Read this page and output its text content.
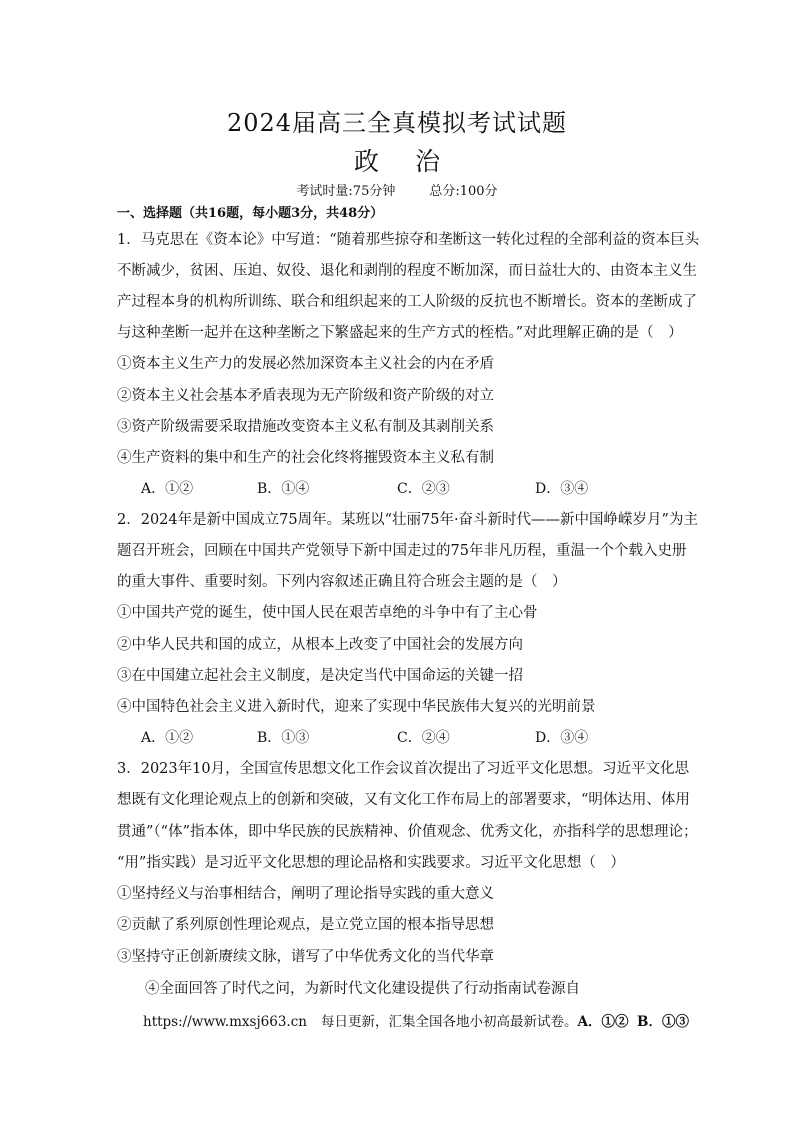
2024届高三全真模拟考试试题
政 治
考试时量:75分钟	总分:100分
一、选择题（共16题，每小题3分，共48分）
1．马克思在《资本论》中写道：“随着那些掠夺和垄断这一转化过程的全部利益的资本巨头
不断减少，贫困、压迫、奴役、退化和剥削的程度不断加深，而日益壮大的、由资本主义生
产过程本身的机构所训练、联合和组织起来的工人阶级的反抗也不断增长。资本的垄断成了
与这种垄断一起并在这种垄断之下繁盛起来的生产方式的桎梏。”对此理解正确的是（　）
①资本主义生产力的发展必然加深资本主义社会的内在矛盾
②资本主义社会基本矛盾表现为无产阶级和资产阶级的对立
③资产阶级需要采取措施改变资本主义私有制及其剥削关系
④生产资料的集中和生产的社会化终将摧毁资本主义私有制
A．①②	B．①④	C．②③	D．③④
2．2024年是新中国成立75周年。某班以“壮丽75年·奋斗新时代——新中国峥嵘岁月”为主
题召开班会，回顾在中国共产党领导下新中国走过的75年非凡历程，重温一个个载入史册
的重大事件、重要时刻。下列内容叙述正确且符合班会主题的是（　）
①中国共产党的诞生，使中国人民在艰苦卓绝的斗争中有了主心骨
②中华人民共和国的成立，从根本上改变了中国社会的发展方向
③在中国建立起社会主义制度，是决定当代中国命运的关键一招
④中国特色社会主义进入新时代，迎来了实现中华民族伟大复兴的光明前景
A．①②	B．①③	C．②④	D．③④
3．2023年10月，全国宣传思想文化工作会议首次提出了习近平文化思想。习近平文化思
想既有文化理论观点上的创新和突破，又有文化工作布局上的部署要求，“明体达用、体用
贯通”（“体”指本体，即中华民族的民族精神、价值观念、优秀文化，亦指科学的思想理论；
“用”指实践）是习近平文化思想的理论品格和实践要求。习近平文化思想（　）
①坚持经义与治事相结合，阐明了理论指导实践的重大意义
②贡献了系列原创性理论观点，是立党立国的根本指导思想
③坚持守正创新赓续文脉，谱写了中华优秀文化的当代华章
④全面回答了时代之问，为新时代文化建设提供了行动指南试卷源自
https://www.mxsj663.cn 每日更新，汇集全国各地小初高最新试卷。A．①② B．①③
